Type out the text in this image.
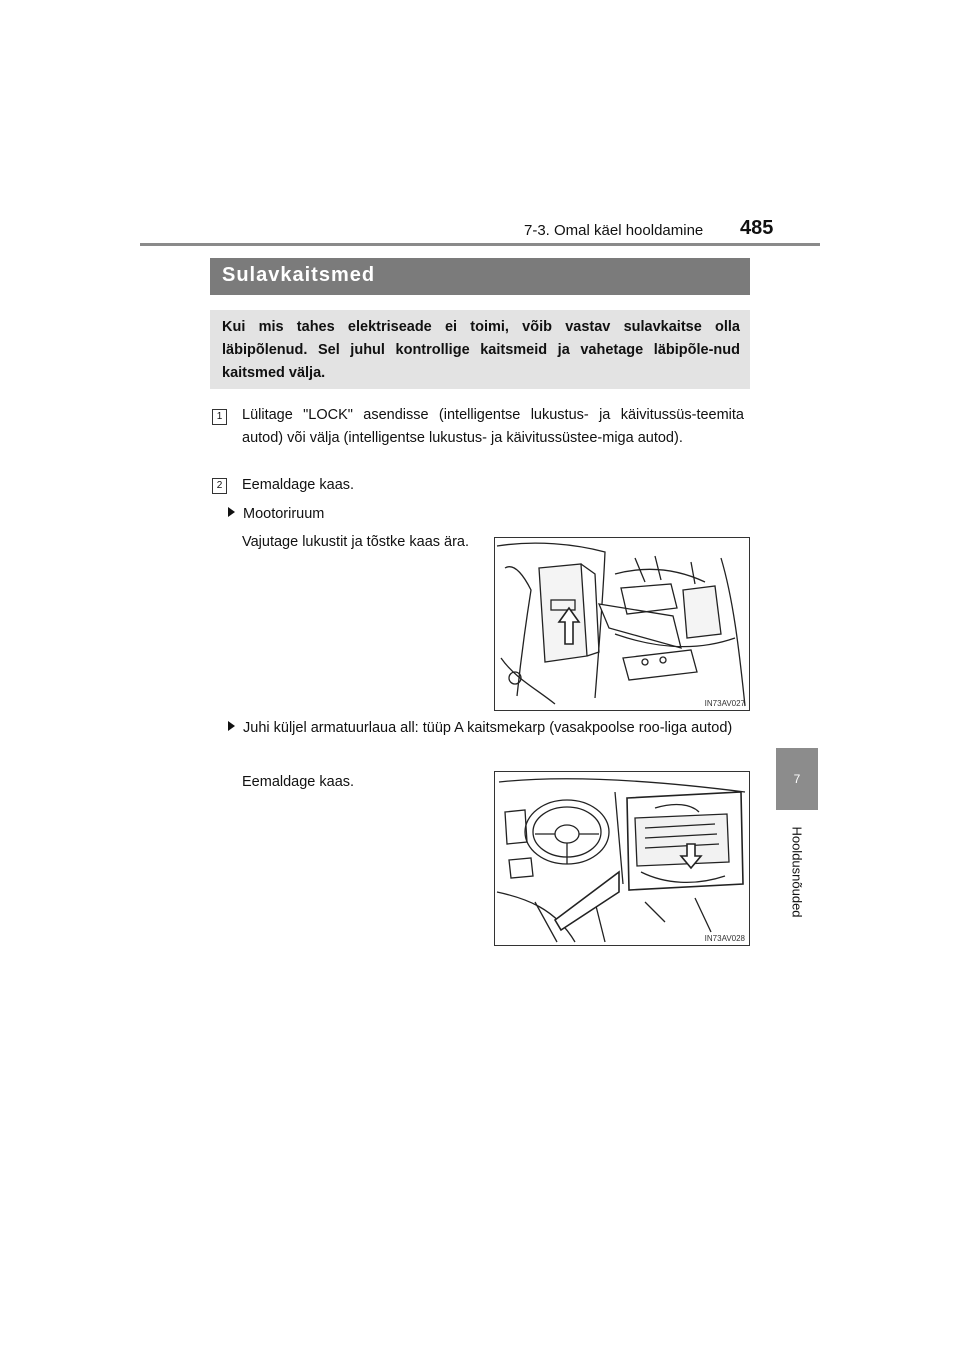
7-3. Omal käel hooldamine 485
7
Hooldusnõuded
Sulavkaitsmed
Kui mis tahes elektriseade ei toimi, võib vastav sulavkaitse olla läbipõlenud. Sel juhul kontrollige kaitsmeid ja vahetage läbipõle-nud kaitsmed välja.
1	Lülitage "LOCK" asendisse (intelligentse lukustus- ja käivitussüs-teemita autod) või välja (intelligentse lukustus- ja käivitussüstee-miga autod).
2	Eemaldage kaas.
Mootoriruum
Vajutage lukustit ja tõstke kaas ära.
IN73AV027
Juhi küljel armatuurlaua all: tüüp A kaitsmekarp (vasakpoolse roo-liga autod)
Eemaldage kaas.
IN73AV028
